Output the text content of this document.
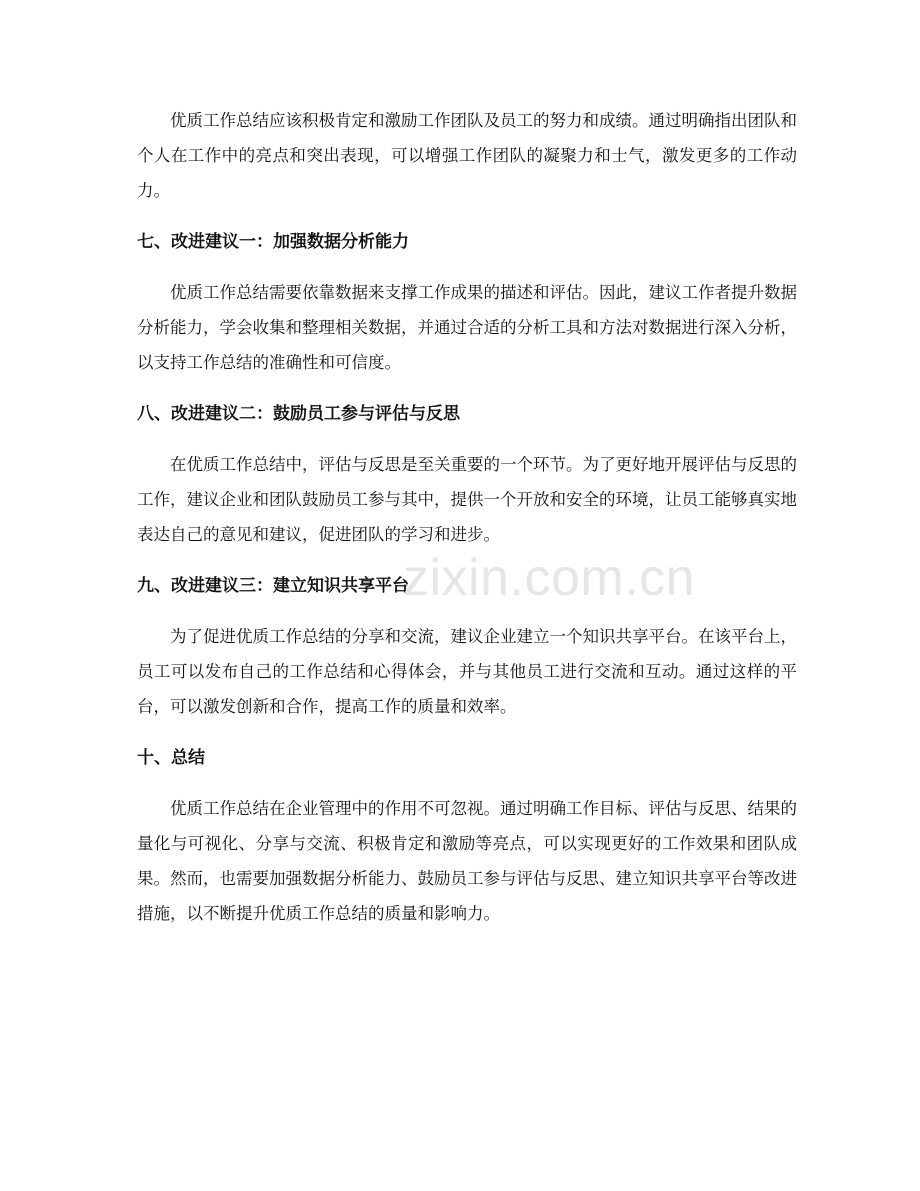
优质工作总结应该积极肯定和激励工作团队及员工的努力和成绩。通过明确指出团队和个人在工作中的亮点和突出表现，可以增强工作团队的凝聚力和士气，激发更多的工作动力。

七、改进建议一：加强数据分析能力

优质工作总结需要依靠数据来支撑工作成果的描述和评估。因此，建议工作者提升数据分析能力，学会收集和整理相关数据，并通过合适的分析工具和方法对数据进行深入分析，以支持工作总结的准确性和可信度。

八、改进建议二：鼓励员工参与评估与反思

在优质工作总结中，评估与反思是至关重要的一个环节。为了更好地开展评估与反思的工作，建议企业和团队鼓励员工参与其中，提供一个开放和安全的环境，让员工能够真实地表达自己的意见和建议，促进团队的学习和进步。

九、改进建议三：建立知识共享平台

为了促进优质工作总结的分享和交流，建议企业建立一个知识共享平台。在该平台上，员工可以发布自己的工作总结和心得体会，并与其他员工进行交流和互动。通过这样的平台，可以激发创新和合作，提高工作的质量和效率。

十、总结

优质工作总结在企业管理中的作用不可忽视。通过明确工作目标、评估与反思、结果的量化与可视化、分享与交流、积极肯定和激励等亮点，可以实现更好的工作效果和团队成果。然而，也需要加强数据分析能力、鼓励员工参与评估与反思、建立知识共享平台等改进措施，以不断提升优质工作总结的质量和影响力。

zixin.com.cn
